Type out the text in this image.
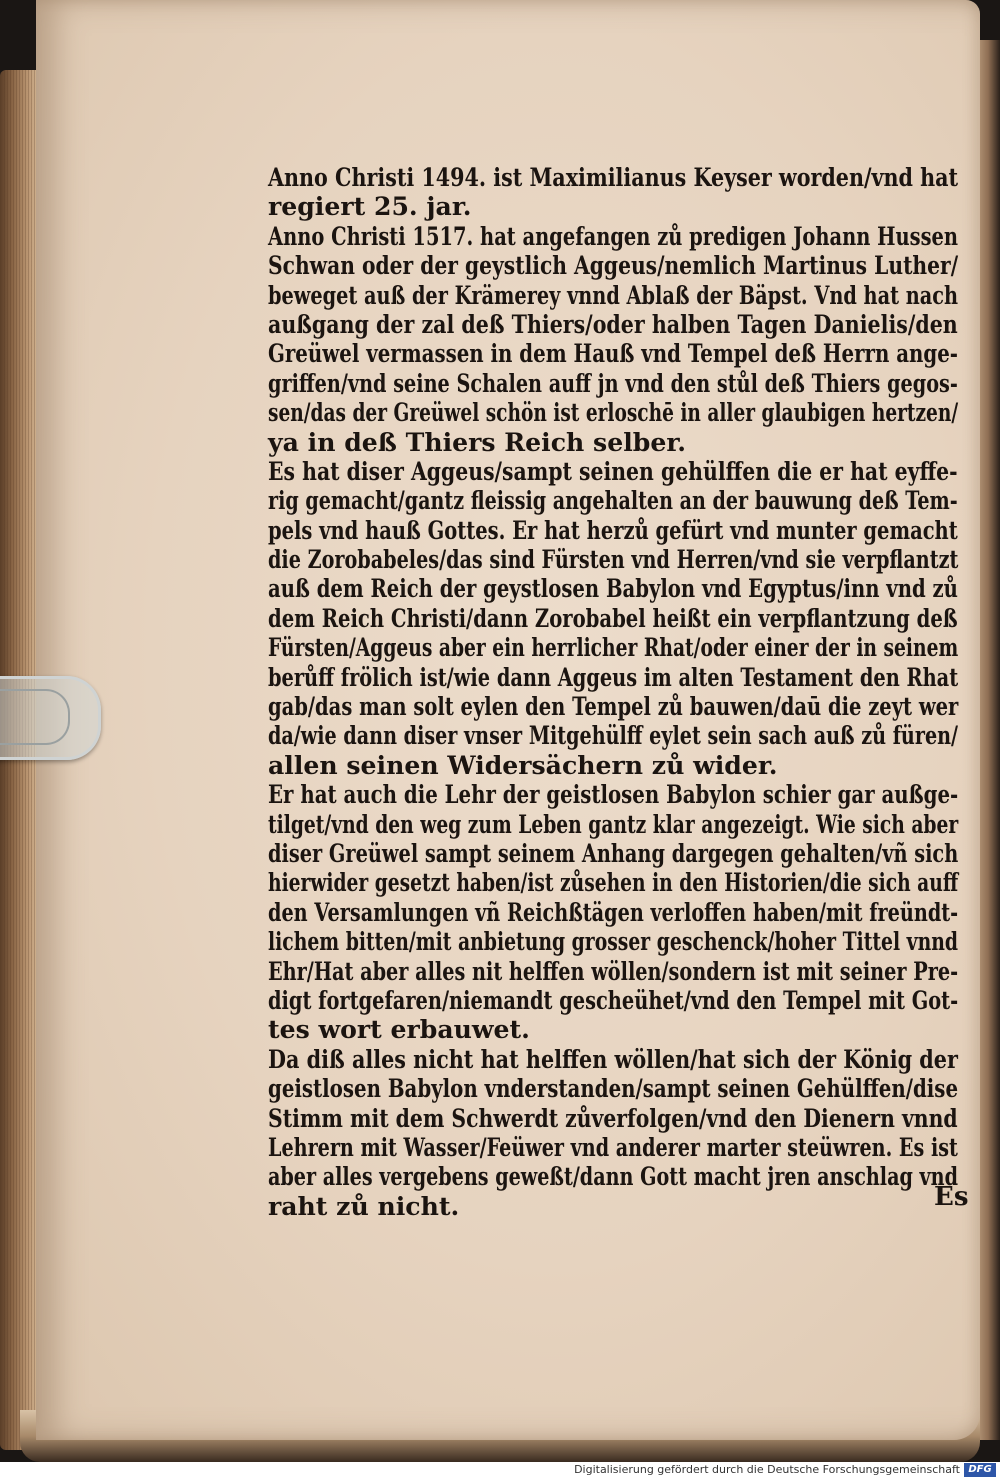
Anno Christi 1494. ist Maximilianus Keyser worden/vnd hat
regiert 25. jar.
Anno Christi 1517. hat angefangen zů predigen Johann Hussen
Schwan oder der geystlich Aggeus/nemlich Martinus Luther/
beweget auß der Krämerey vnnd Ablaß der Bäpst. Vnd hat nach
außgang der zal deß Thiers/oder halben Tagen Danielis/den
Greüwel vermassen in dem Hauß vnd Tempel deß Herrn ange-
griffen/vnd seine Schalen auff jn vnd den stůl deß Thiers gegos-
sen/das der Greüwel schön ist erloschē in aller glaubigen hertzen/
ya in deß Thiers Reich selber.
Es hat diser Aggeus/sampt seinen gehülffen die er hat eyffe-
rig gemacht/gantz fleissig angehalten an der bauwung deß Tem-
pels vnd hauß Gottes. Er hat herzů gefürt vnd munter gemacht
die Zorobabeles/das sind Fürsten vnd Herren/vnd sie verpflantzt
auß dem Reich der geystlosen Babylon vnd Egyptus/inn vnd zů
dem Reich Christi/dann Zorobabel heißt ein verpflantzung deß
Fürsten/Aggeus aber ein herrlicher Rhat/oder einer der in seinem
berůff frölich ist/wie dann Aggeus im alten Testament den Rhat
gab/das man solt eylen den Tempel zů bauwen/daū die zeyt wer
da/wie dann diser vnser Mitgehülff eylet sein sach auß zů füren/
allen seinen Widersächern zů wider.
Er hat auch die Lehr der geistlosen Babylon schier gar außge-
tilget/vnd den weg zum Leben gantz klar angezeigt. Wie sich aber
diser Greüwel sampt seinem Anhang dargegen gehalten/vñ sich
hierwider gesetzt haben/ist zůsehen in den Historien/die sich auff
den Versamlungen vñ Reichßtägen verloffen haben/mit freündt-
lichem bitten/mit anbietung grosser geschenck/hoher Tittel vnnd
Ehr/Hat aber alles nit helffen wöllen/sondern ist mit seiner Pre-
digt fortgefaren/niemandt gescheühet/vnd den Tempel mit Got-
tes wort erbauwet.
Da diß alles nicht hat helffen wöllen/hat sich der König der
geistlosen Babylon vnderstanden/sampt seinen Gehülffen/dise
Stimm mit dem Schwerdt zůverfolgen/vnd den Dienern vnnd
Lehrern mit Wasser/Feüwer vnd anderer marter steüwren. Es ist
aber alles vergebens geweßt/dann Gott macht jren anschlag vnd
raht zů nicht.	Es
Digitalisierung gefördert durch die Deutsche Forschungsgemeinschaft DFG
